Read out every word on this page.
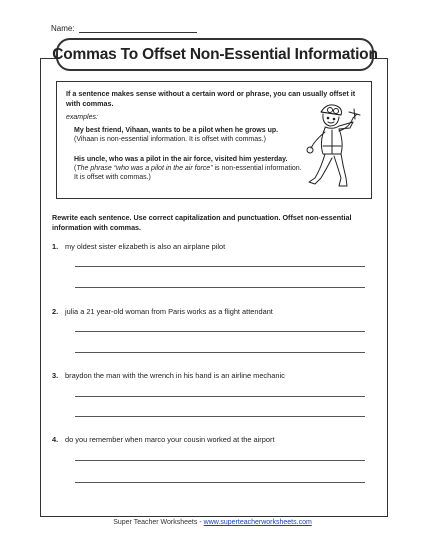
Name:
Commas To Offset Non-Essential Information
If a sentence makes sense without a certain word or phrase, you can usually offset it with commas.
examples:
My best friend, Vihaan, wants to be a pilot when he grows up.
(Vihaan is non-essential information. It is offset with commas.)
His uncle, who was a pilot in the air force, visited him yesterday.
(The phrase “who was a pilot in the air force” is non-essential information. It is offset with commas.)
Rewrite each sentence. Use correct capitalization and punctuation. Offset non-essential information with commas.
1. my oldest sister elizabeth is also an airplane pilot
2. julia a 21 year-old woman from Paris works as a flight attendant
3. braydon the man with the wrench in his hand is an airline mechanic
4. do you remember when marco your cousin worked at the airport
Super Teacher Worksheets - www.superteacherworksheets.com
